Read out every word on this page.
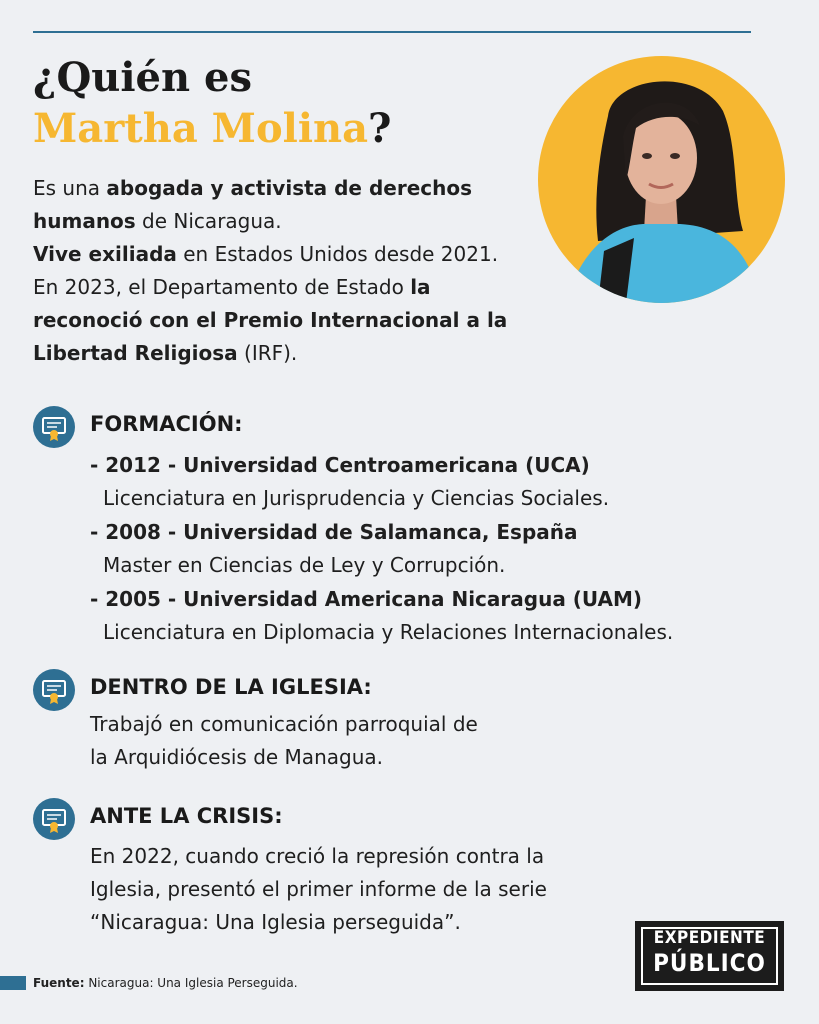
¿Quién es
Martha Molina?

Es una abogada y activista de derechos humanos de Nicaragua.

Vive exiliada en Estados Unidos desde 2021.

En 2023, el Departamento de Estado la reconoció con el Premio Internacional a la Libertad Religiosa (IRF).

FORMACIÓN:
- 2012 - Universidad Centroamericana (UCA)
Licenciatura en Jurisprudencia y Ciencias Sociales.
- 2008 - Universidad de Salamanca, España
Master en Ciencias de Ley y Corrupción.
- 2005 - Universidad Americana Nicaragua (UAM)
Licenciatura en Diplomacia y Relaciones Internacionales.
DENTRO DE LA IGLESIA:

Trabajó en comunicación parroquial de

la Arquidiócesis de Managua.

ANTE LA CRISIS:

En 2022, cuando creció la represión contra la

Iglesia, presentó el primer informe de la serie

“Nicaragua: Una Iglesia perseguida”.

Fuente: Nicaragua: Una Iglesia Perseguida.
EXPEDIENTE
PÚBLICO
